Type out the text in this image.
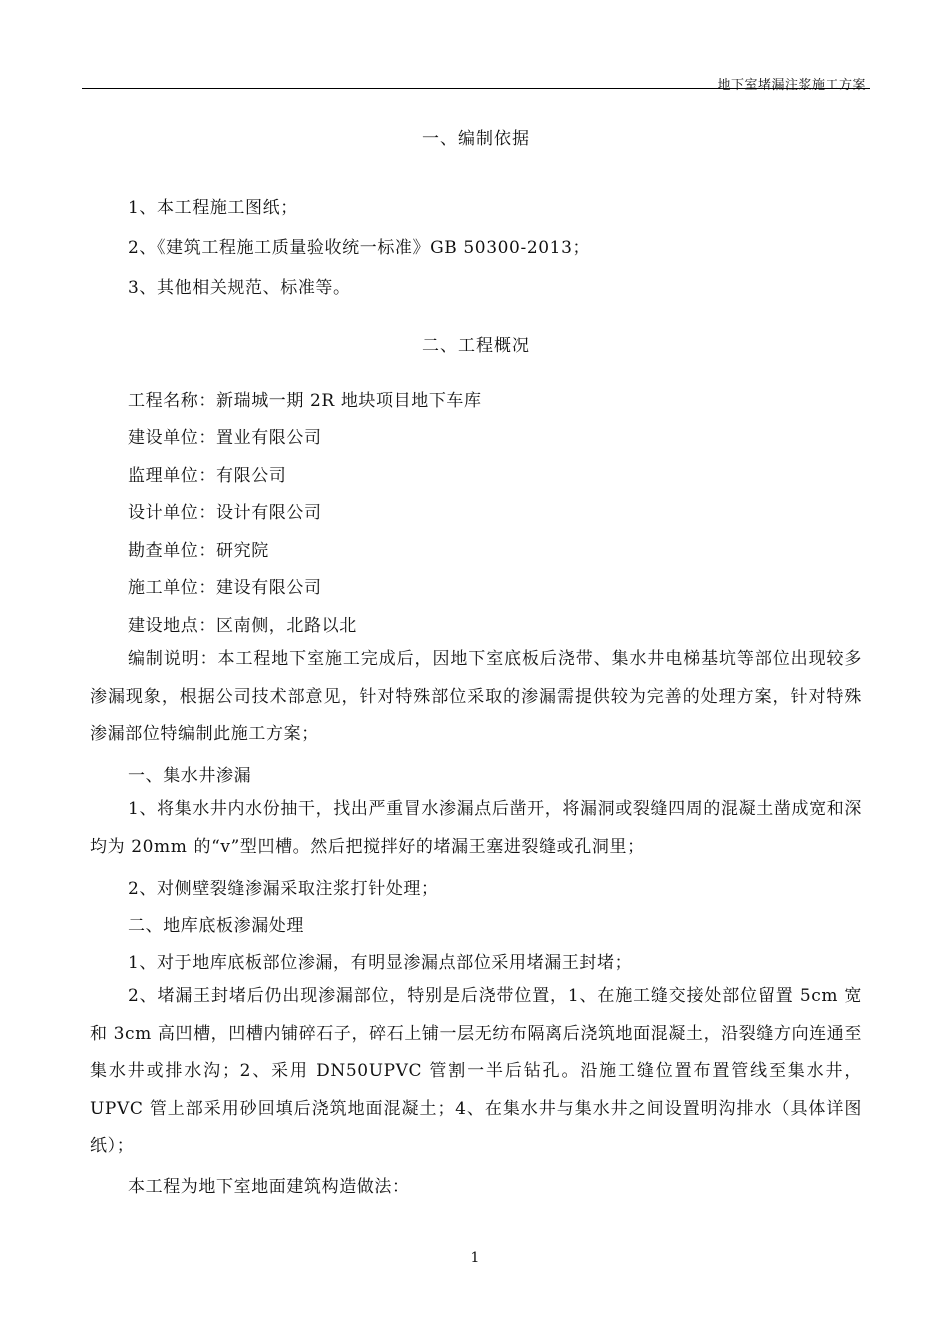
地下室堵漏注浆施工方案
一、编制依据
1、本工程施工图纸；
2、《建筑工程施工质量验收统一标准》GB 50300-2013；
3、其他相关规范、标准等。
二、工程概况
工程名称：新瑞城一期 2R 地块项目地下车库
建设单位：置业有限公司
监理单位：有限公司
设计单位：设计有限公司
勘查单位：研究院
施工单位：建设有限公司
建设地点：区南侧，北路以北
编制说明：本工程地下室施工完成后，因地下室底板后浇带、集水井电梯基坑等部位出现较多渗漏现象，根据公司技术部意见，针对特殊部位采取的渗漏需提供较为完善的处理方案，针对特殊渗漏部位特编制此施工方案；
一、集水井渗漏
1、将集水井内水份抽干，找出严重冒水渗漏点后凿开，将漏洞或裂缝四周的混凝土凿成宽和深均为 20mm 的“v”型凹槽。然后把搅拌好的堵漏王塞进裂缝或孔洞里；
2、对侧壁裂缝渗漏采取注浆打针处理；
二、地库底板渗漏处理
1、对于地库底板部位渗漏，有明显渗漏点部位采用堵漏王封堵；
2、堵漏王封堵后仍出现渗漏部位，特别是后浇带位置，1、在施工缝交接处部位留置 5cm 宽和 3cm 高凹槽，凹槽内铺碎石子，碎石上铺一层无纺布隔离后浇筑地面混凝土，沿裂缝方向连通至集水井或排水沟；2、采用 DN50UPVC 管割一半后钻孔。沿施工缝位置布置管线至集水井，UPVC 管上部采用砂回填后浇筑地面混凝土；4、在集水井与集水井之间设置明沟排水（具体详图纸）；
本工程为地下室地面建筑构造做法：
1
